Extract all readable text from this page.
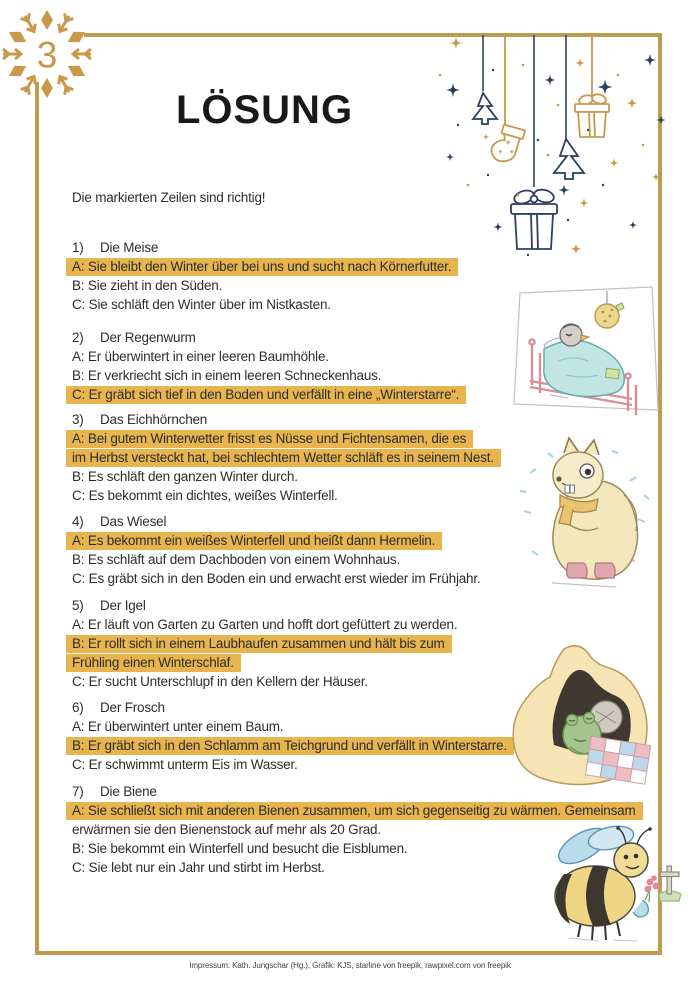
3
LÖSUNG
Die markierten Zeilen sind richtig!
1) Die Meise
A: Sie bleibt den Winter über bei uns und sucht nach Körnerfutter.
B: Sie zieht in den Süden.
C: Sie schläft den Winter über im Nistkasten.
2) Der Regenwurm
A: Er überwintert in einer leeren Baumhöhle.
B: Er verkriecht sich in einem leeren Schneckenhaus.
C: Er gräbt sich tief in den Boden und verfällt in eine „Winterstarre“.
3) Das Eichhörnchen
A: Bei gutem Winterwetter frisst es Nüsse und Fichtensamen, die es
im Herbst versteckt hat, bei schlechtem Wetter schläft es in seinem Nest.
B: Es schläft den ganzen Winter durch.
C: Es bekommt ein dichtes, weißes Winterfell.
4) Das Wiesel
A: Es bekommt ein weißes Winterfell und heißt dann Hermelin.
B: Es schläft auf dem Dachboden von einem Wohnhaus.
C: Es gräbt sich in den Boden ein und erwacht erst wieder im Frühjahr.
5) Der Igel
A: Er läuft von Garten zu Garten und hofft dort gefüttert zu werden.
B: Er rollt sich in einem Laubhaufen zusammen und hält bis zum
Frühling einen Winterschlaf.
C: Er sucht Unterschlupf in den Kellern der Häuser.
6) Der Frosch
A: Er überwintert unter einem Baum.
B: Er gräbt sich in den Schlamm am Teichgrund und verfällt in Winterstarre.
C: Er schwimmt unterm Eis im Wasser.
7) Die Biene
A: Sie schließt sich mit anderen Bienen zusammen, um sich gegenseitig zu wärmen. Gemeinsam
erwärmen sie den Bienenstock auf mehr als 20 Grad.
B: Sie bekommt ein Winterfell und besucht die Eisblumen.
C: Sie lebt nur ein Jahr und stirbt im Herbst.
Impressum: Kath. Jungschar (Hg.), Grafik: KJS, starline von freepik, rawpixel.com von freepik
